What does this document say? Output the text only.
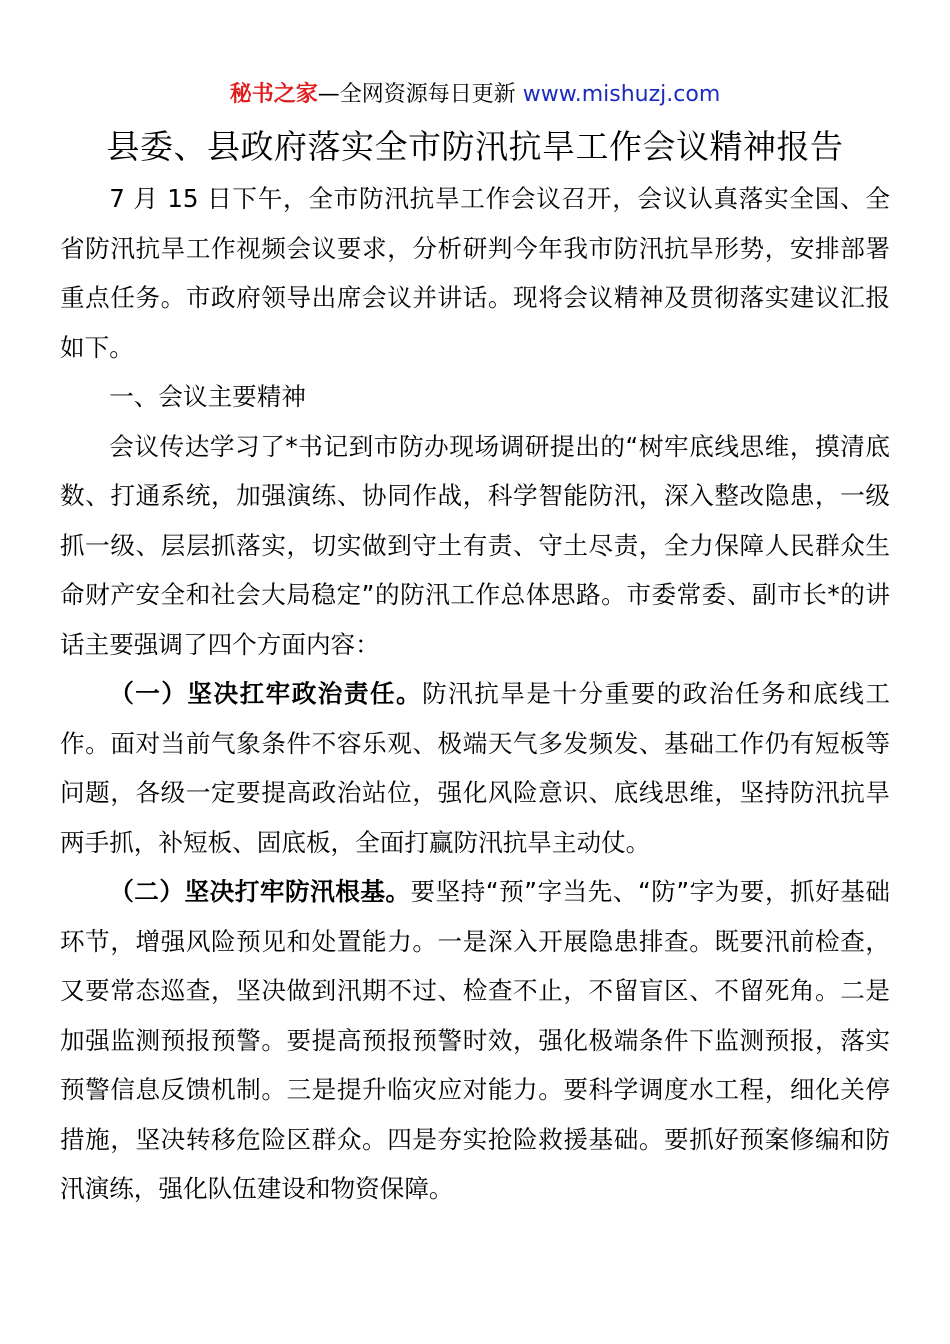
秘书之家—全网资源每日更新 www.mishuzj.com
县委、县政府落实全市防汛抗旱工作会议精神报告

7 月 15 日下午，全市防汛抗旱工作会议召开，会议认真落实全国、全省防汛抗旱工作视频会议要求，分析研判今年我市防汛抗旱形势，安排部署重点任务。市政府领导出席会议并讲话。现将会议精神及贯彻落实建议汇报如下。

一、会议主要精神

会议传达学习了*书记到市防办现场调研提出的“树牢底线思维，摸清底数、打通系统，加强演练、协同作战，科学智能防汛，深入整改隐患，一级抓一级、层层抓落实，切实做到守土有责、守土尽责，全力保障人民群众生命财产安全和社会大局稳定”的防汛工作总体思路。市委常委、副市长*的讲话主要强调了四个方面内容：

（一）坚决扛牢政治责任。防汛抗旱是十分重要的政治任务和底线工作。面对当前气象条件不容乐观、极端天气多发频发、基础工作仍有短板等问题，各级一定要提高政治站位，强化风险意识、底线思维，坚持防汛抗旱两手抓，补短板、固底板，全面打赢防汛抗旱主动仗。

（二）坚决打牢防汛根基。要坚持“预”字当先、“防”字为要，抓好基础环节，增强风险预见和处置能力。一是深入开展隐患排查。既要汛前检查，又要常态巡查，坚决做到汛期不过、检查不止，不留盲区、不留死角。二是加强监测预报预警。要提高预报预警时效，强化极端条件下监测预报，落实预警信息反馈机制。三是提升临灾应对能力。要科学调度水工程，细化关停措施，坚决转移危险区群众。四是夯实抢险救援基础。要抓好预案修编和防汛演练，强化队伍建设和物资保障。
